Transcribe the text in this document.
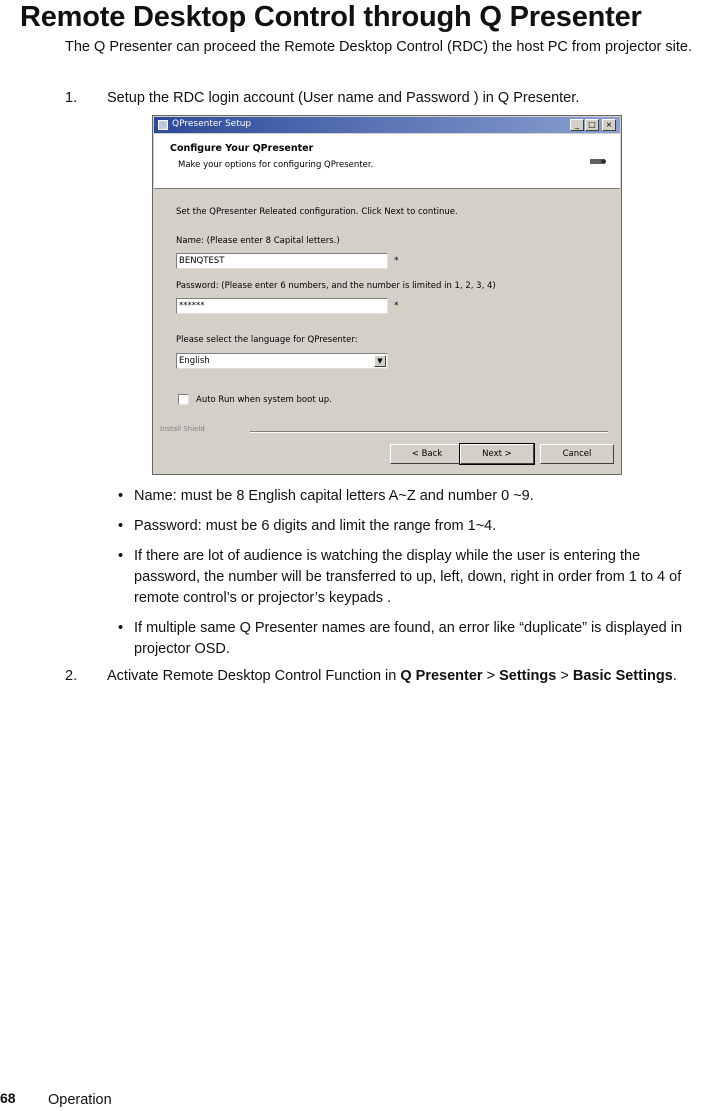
Remote Desktop Control through Q Presenter

The Q Presenter can proceed the Remote Desktop Control (RDC) the host PC from projector site.

1.	Setup the RDC login account (User name and Password ) in Q Presenter.
QPresenter Setup	_	□	×
Configure Your QPresenter
Make your options for configuring QPresenter.
Set the QPresenter Releated configuration. Click Next to continue.
Name: (Please enter 8 Capital letters.)
BENQTEST	*
Password: (Please enter 6 numbers, and the number is limited in 1, 2, 3, 4)
******	*
Please select the language for QPresenter:
English	▼
Auto Run when system boot up.
Install Shield
< Back	Next >	Cancel
• Name: must be 8 English capital letters A~Z and number 0 ~9.
• Password: must be 6 digits and limit the range from 1~4.
• If there are lot of audience is watching the display while the user is entering the password, the number will be transferred to up, left, down, right in order from 1 to 4 of remote control’s or projector’s keypads .
• If multiple same Q Presenter names are found, an error like “duplicate” is displayed in projector OSD.
2.	Activate Remote Desktop Control Function in Q Presenter > Settings > Basic Settings.
68 Operation
